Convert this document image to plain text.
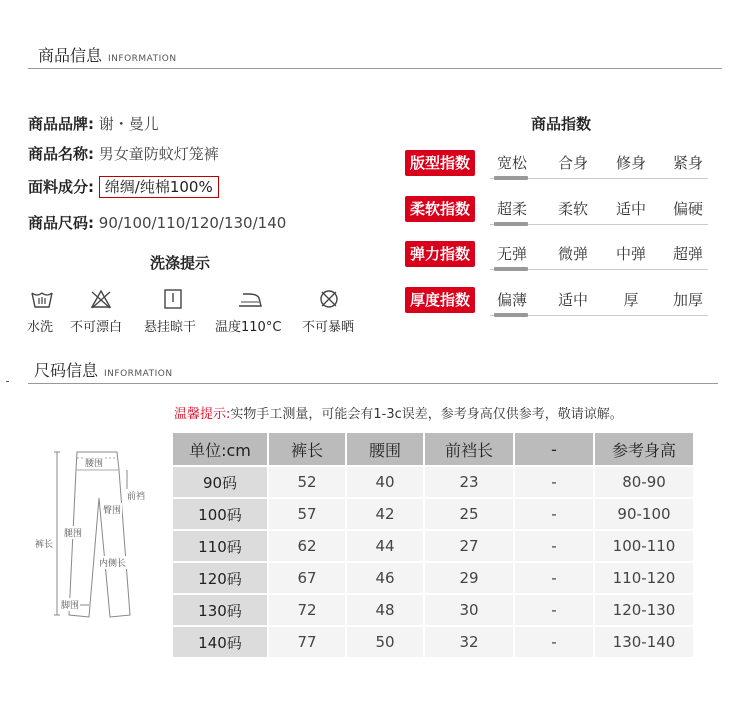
商品信息 INFORMATION
商品品牌: 谢・曼儿
商品名称: 男女童防蚊灯笼裤
面料成分: 绵绸/纯棉100%
商品尺码: 90/100/110/120/130/140
洗涤提示
水洗 不可漂白 悬挂晾干 温度110°C 不可暴晒
商品指数
版型指数	宽松	合身	修身	紧身
柔软指数	超柔	柔软	适中	偏硬
弹力指数	无弹	微弹	中弹	超弹
厚度指数	偏薄	适中	厚	加厚
尺码信息 INFORMATION
温馨提示:实物手工测量，可能会有1-3c误差，参考身高仅供参考，敬请谅解。
腰围
臀围
前裆
裤长
腿围
内侧长
脚围
单位:cm	裤长	腰围	前裆长	-	参考身高
90码	52	40	23	-	80-90
100码	57	42	25	-	90-100
110码	62	44	27	-	100-110
120码	67	46	29	-	110-120
130码	72	48	30	-	120-130
140码	77	50	32	-	130-140
